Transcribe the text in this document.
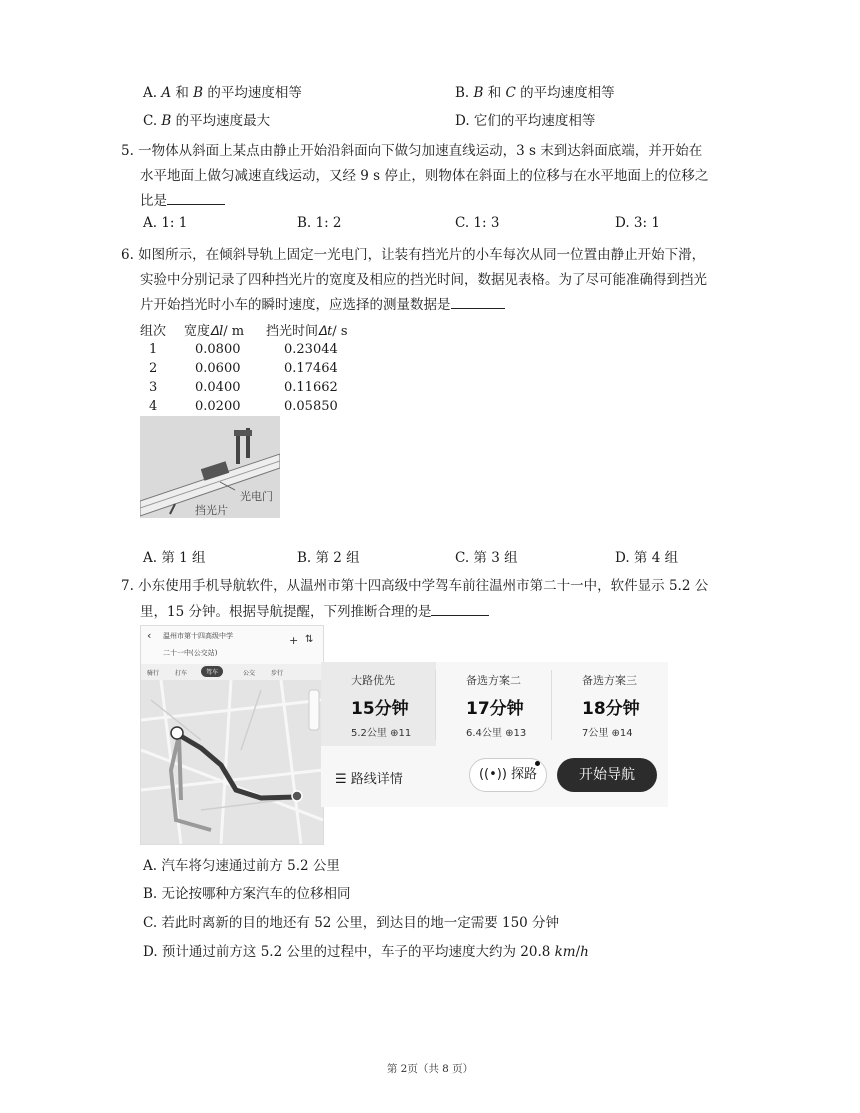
A. 𝐴 和 𝐵 的平均速度相等	B. 𝐵 和 𝐶 的平均速度相等
C. 𝐵 的平均速度最大	D. 它们的平均速度相等
5. 一物体从斜面上某点由静止开始沿斜面向下做匀加速直线运动，3 s 末到达斜面底端，并开始在
水平地面上做匀减速直线运动，又经 9 s 停止，则物体在斜面上的位移与在水平地面上的位移之
比是
A. 1: 1	B. 1: 2	C. 1: 3	D. 3: 1
6. 如图所示，在倾斜导轨上固定一光电门，让装有挡光片的小车每次从同一位置由静止开始下滑，
实验中分别记录了四种挡光片的宽度及相应的挡光时间，数据见表格。为了尽可能准确得到挡光
片开始挡光时小车的瞬时速度，应选择的测量数据是
组次	宽度𝛥𝑙/ m	挡光时间𝛥𝑡/ s
1	0.0800	0.23044
2	0.0600	0.17464
3	0.0400	0.11662
4	0.0200	0.05850
光电门
挡光片
A. 第 1 组	B. 第 2 组	C. 第 3 组	D. 第 4 组
7. 小东使用手机导航软件，从温州市第十四高级中学驾车前往温州市第二十一中，软件显示 5.2 公
里，15 分钟。根据导航提醒，下列推断合理的是
‹ 温州市第十四高级中学
二十一中(公交站)
+ ⇅
骑行	打车	驾车	公交	步行
大路优先
15分钟
5.2公里 ⊕11
备选方案二
17分钟
6.4公里 ⊕13
备选方案三
18分钟
7公里 ⊕14
☰ 路线详情	((•)) 探路	开始导航
A. 汽车将匀速通过前方 5.2 公里
B. 无论按哪种方案汽车的位移相同
C. 若此时离新的目的地还有 52 公里，到达目的地一定需要 150 分钟
D. 预计通过前方这 5.2 公里的过程中，车子的平均速度大约为 20.8 𝑘𝑚/ℎ
第 2页（共 8 页）
